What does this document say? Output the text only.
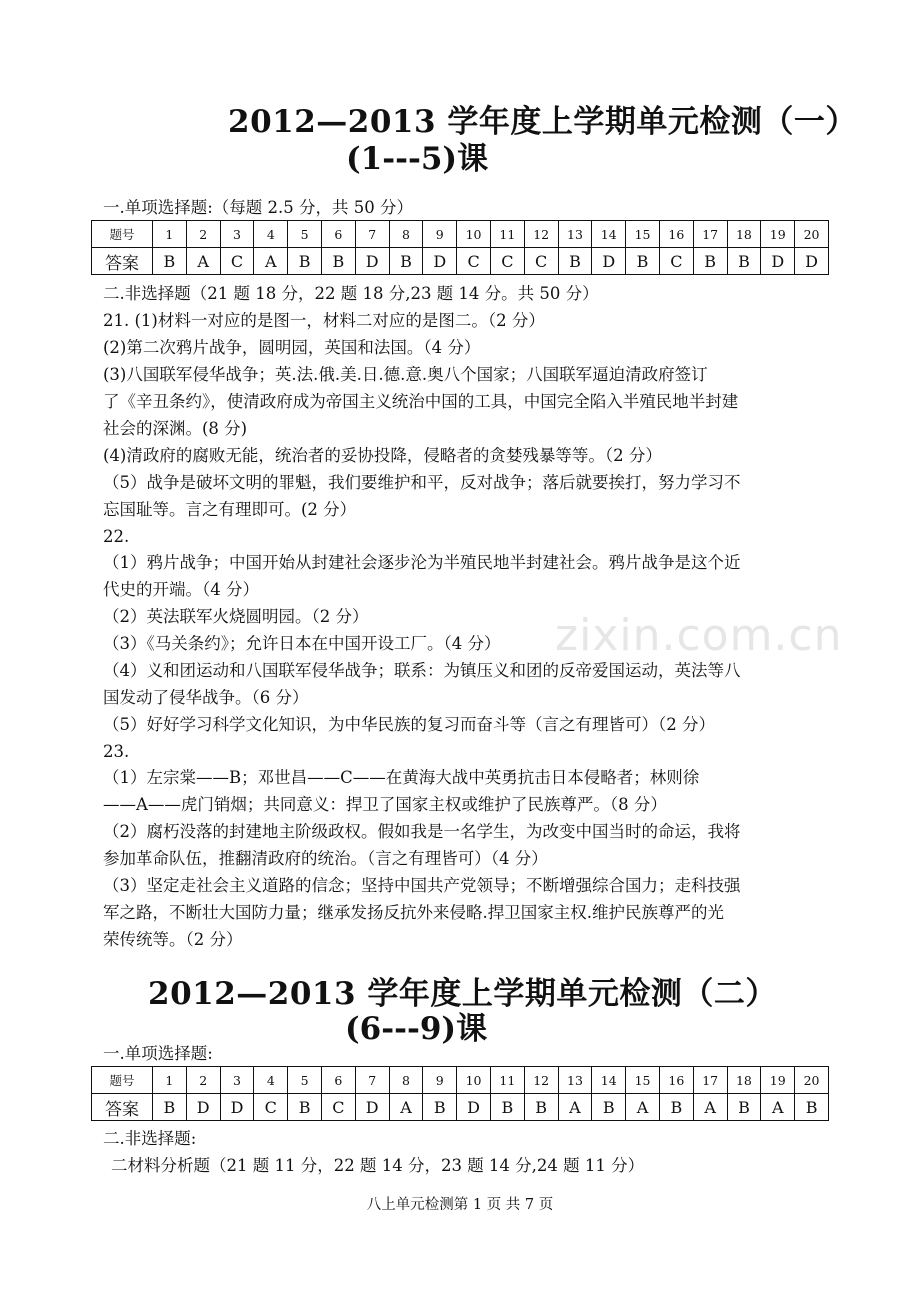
2012—2013 学年度上学期单元检测（一）
(1---5)课
一.单项选择题:（每题 2.5 分，共 50 分）
题号	1	2	3	4	5	6	7	8	9	10	11	12	13	14	15	16	17	18	19	20
答案	B	A	C	A	B	B	D	B	D	C	C	C	B	D	B	C	B	B	D	D
二.非选择题（21 题 18 分，22 题 18 分,23 题 14 分。共 50 分）
21. (1)材料一对应的是图一，材料二对应的是图二。（2 分）
(2)第二次鸦片战争，圆明园，英国和法国。（4 分）
(3)八国联军侵华战争；英.法.俄.美.日.德.意.奥八个国家；八国联军逼迫清政府签订
了《辛丑条约》，使清政府成为帝国主义统治中国的工具，中国完全陷入半殖民地半封建
社会的深渊。(8 分)
(4)清政府的腐败无能，统治者的妥协投降，侵略者的贪婪残暴等等。（2 分）
（5）战争是破坏文明的罪魁，我们要维护和平，反对战争；落后就要挨打，努力学习不
忘国耻等。言之有理即可。(2 分）
22.
（1）鸦片战争；中国开始从封建社会逐步沦为半殖民地半封建社会。鸦片战争是这个近
代史的开端。（4 分）
（2）英法联军火烧圆明园。（2 分）
（3）《马关条约》；允许日本在中国开设工厂。（4 分）
（4）义和团运动和八国联军侵华战争；联系：为镇压义和团的反帝爱国运动，英法等八
国发动了侵华战争。（6 分）
（5）好好学习科学文化知识，为中华民族的复习而奋斗等（言之有理皆可）（2 分）
23.
（1）左宗棠——B；邓世昌——C——在黄海大战中英勇抗击日本侵略者；林则徐
——A——虎门销烟；共同意义：捍卫了国家主权或维护了民族尊严。（8 分）
（2）腐朽没落的封建地主阶级政权。假如我是一名学生，为改变中国当时的命运，我将
参加革命队伍，推翻清政府的统治。（言之有理皆可）（4 分）
（3）坚定走社会主义道路的信念；坚持中国共产党领导；不断增强综合国力；走科技强
军之路，不断壮大国防力量；继承发扬反抗外来侵略.捍卫国家主权.维护民族尊严的光
荣传统等。（2 分）
zixin.com.cn
2012—2013 学年度上学期单元检测（二）
(6---9)课
一.单项选择题:
题号	1	2	3	4	5	6	7	8	9	10	11	12	13	14	15	16	17	18	19	20
答案	B	D	D	C	B	C	D	A	B	D	B	B	A	B	A	B	A	B	A	B
二.非选择题:
二材料分析题（21 题 11 分，22 题 14 分，23 题 14 分,24 题 11 分）
八上单元检测第 1 页 共 7 页
